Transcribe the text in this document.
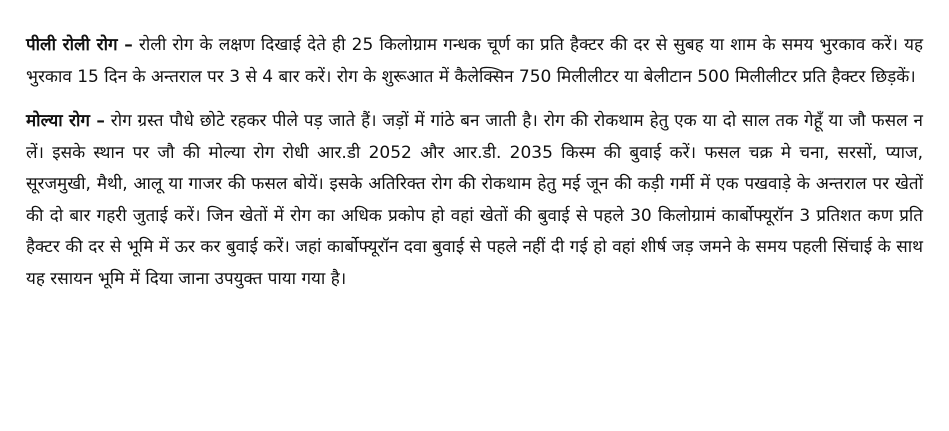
पीली रोली रोग – रोली रोग के लक्षण दिखाई देते ही 25 किलोग्राम गन्धक चूर्ण का प्रति हैक्टर की दर से सुबह या शाम के समय भुरकाव करें। यह भुरकाव 15 दिन के अन्तराल पर 3 से 4 बार करें। रोग के शुरूआत में कैलेक्सिन 750 मिलीलीटर या बेलीटान 500 मिलीलीटर प्रति हैक्टर छिड़कें।

मोल्या रोग – रोग ग्रस्त पौधे छोटे रहकर पीले पड़ जाते हैं। जड़ों में गांठे बन जाती है। रोग की रोकथाम हेतु एक या दो साल तक गेहूँ या जौ फसल न लें। इसके स्थान पर जौ की मोल्या रोग रोधी आर.डी 2052 और आर.डी. 2035 किस्म की बुवाई करें। फसल चक्र मे चना, सरसों, प्याज, सूरजमुखी, मैथी, आलू या गाजर की फसल बोयें। इसके अतिरिक्त रोग की रोकथाम हेतु मई जून की कड़ी गर्मी में एक पखवाड़े के अन्तराल पर खेतों की दो बार गहरी जुताई करें। जिन खेतों में रोग का अधिक प्रकोप हो वहां खेतों की बुवाई से पहले 30 किलोग्रामं कार्बोफ्यूरॉन 3 प्रतिशत कण प्रति हैक्टर की दर से भूमि में ऊर कर बुवाई करें। जहां कार्बोफ्यूरॉन दवा बुवाई से पहले नहीं दी गई हो वहां शीर्ष जड़ जमने के समय पहली सिंचाई के साथ यह रसायन भूमि में दिया जाना उपयुक्त पाया गया है।
